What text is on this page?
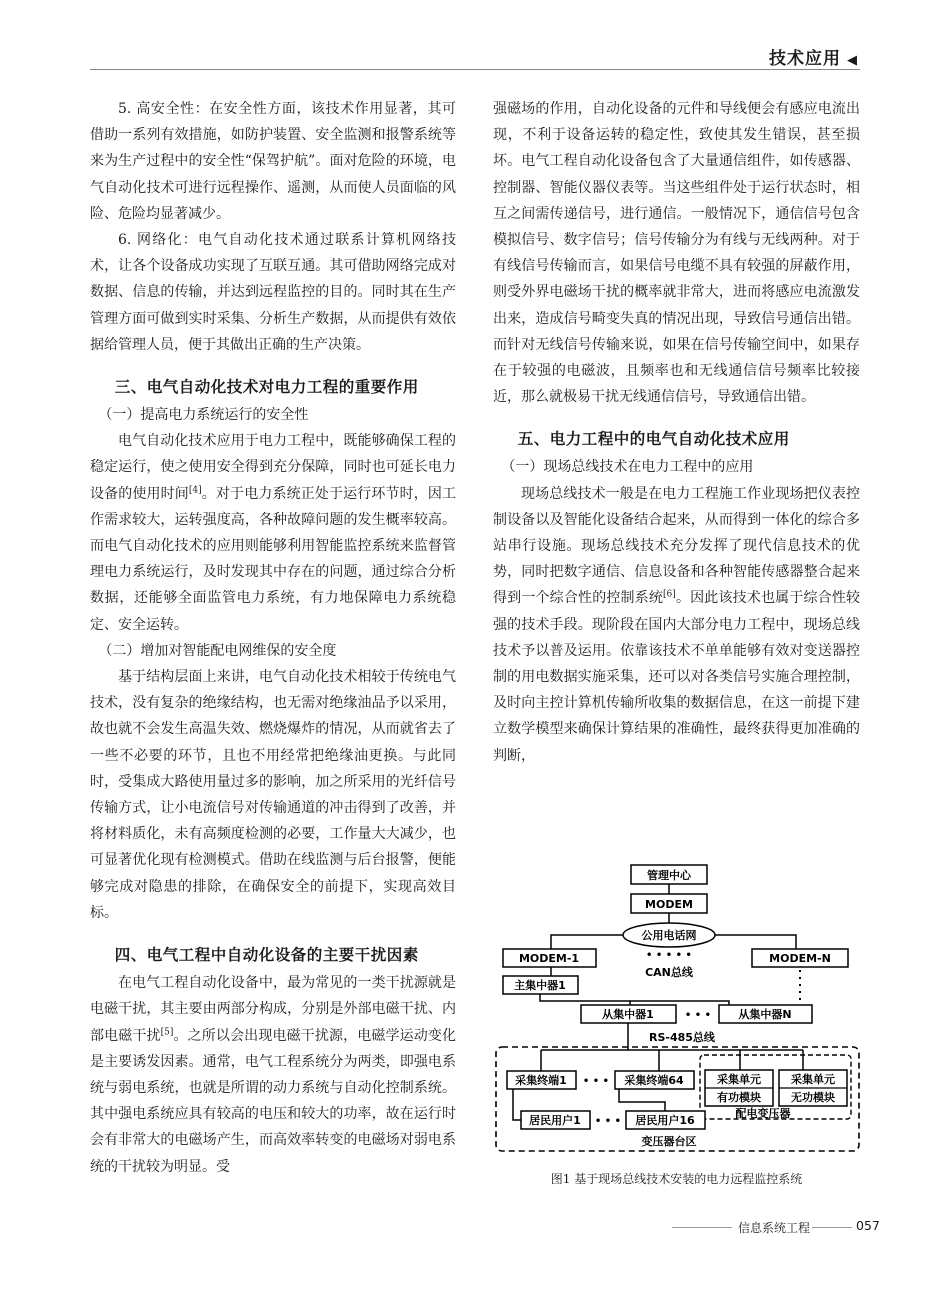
技术应用 ◀

5. 高安全性：在安全性方面，该技术作用显著，其可借助一系列有效措施，如防护装置、安全监测和报警系统等来为生产过程中的安全性“保驾护航”。面对危险的环境，电气自动化技术可进行远程操作、遥测，从而使人员面临的风险、危险均显著减少。

6. 网络化：电气自动化技术通过联系计算机网络技术，让各个设备成功实现了互联互通。其可借助网络完成对数据、信息的传输，并达到远程监控的目的。同时其在生产管理方面可做到实时采集、分析生产数据，从而提供有效依据给管理人员，便于其做出正确的生产决策。

三、电气自动化技术对电力工程的重要作用

（一）提高电力系统运行的安全性

电气自动化技术应用于电力工程中，既能够确保工程的稳定运行，使之使用安全得到充分保障，同时也可延长电力设备的使用时间[4]。对于电力系统正处于运行环节时，因工作需求较大，运转强度高，各种故障问题的发生概率较高。而电气自动化技术的应用则能够利用智能监控系统来监督管理电力系统运行，及时发现其中存在的问题，通过综合分析数据，还能够全面监管电力系统，有力地保障电力系统稳定、安全运转。

（二）增加对智能配电网维保的安全度

基于结构层面上来讲，电气自动化技术相较于传统电气技术，没有复杂的绝缘结构，也无需对绝缘油品予以采用，故也就不会发生高温失效、燃烧爆炸的情况，从而就省去了一些不必要的环节，且也不用经常把绝缘油更换。与此同时，受集成大路使用量过多的影响，加之所采用的光纤信号传输方式，让小电流信号对传输通道的冲击得到了改善，并将材料质化，未有高频度检测的必要，工作量大大减少，也可显著优化现有检测模式。借助在线监测与后台报警，便能够完成对隐患的排除，在确保安全的前提下，实现高效目标。

四、电气工程中自动化设备的主要干扰因素

在电气工程自动化设备中，最为常见的一类干扰源就是电磁干扰，其主要由两部分构成，分别是外部电磁干扰、内部电磁干扰[5]。之所以会出现电磁干扰源，电磁学运动变化是主要诱发因素。通常，电气工程系统分为两类，即强电系统与弱电系统，也就是所谓的动力系统与自动化控制系统。其中强电系统应具有较高的电压和较大的功率，故在运行时会有非常大的电磁场产生，而高效率转变的电磁场对弱电系统的干扰较为明显。受

强磁场的作用，自动化设备的元件和导线便会有感应电流出现，不利于设备运转的稳定性，致使其发生错误，甚至损坏。电气工程自动化设备包含了大量通信组件，如传感器、控制器、智能仪器仪表等。当这些组件处于运行状态时，相互之间需传递信号，进行通信。一般情况下，通信信号包含模拟信号、数字信号；信号传输分为有线与无线两种。对于有线信号传输而言，如果信号电缆不具有较强的屏蔽作用，则受外界电磁场干扰的概率就非常大，进而将感应电流激发出来，造成信号畸变失真的情况出现，导致信号通信出错。而针对无线信号传输来说，如果在信号传输空间中，如果存在于较强的电磁波，且频率也和无线通信信号频率比较接近，那么就极易干扰无线通信信号，导致通信出错。

五、电力工程中的电气自动化技术应用

（一）现场总线技术在电力工程中的应用

现场总线技术一般是在电力工程施工作业现场把仪表控制设备以及智能化设备结合起来，从而得到一体化的综合多站串行设施。现场总线技术充分发挥了现代信息技术的优势，同时把数字通信、信息设备和各种智能传感器整合起来得到一个综合性的控制系统[6]。因此该技术也属于综合性较强的技术手段。现阶段在国内大部分电力工程中，现场总线技术予以普及运用。依靠该技术不单单能够有效对变送器控制的用电数据实施采集，还可以对各类信号实施合理控制，及时向主控计算机传输所收集的数据信息，在这一前提下建立数学模型来确保计算结果的准确性，最终获得更加准确的判断，

管理中心
MODEM
公用电话网
MODEM-1	• • • • •
CAN总线
MODEM-N
主集中器1
从集中器1	• • • 从集中器N
RS-485总线
采集终端1 • • • 采集终端64	采集单元
有功模块
采集单元
无功模块
居民用户1 • • • 居民用户16
配电变压器
变压器台区
图1 基于现场总线技术安装的电力远程监控系统
信息系统工程	057
